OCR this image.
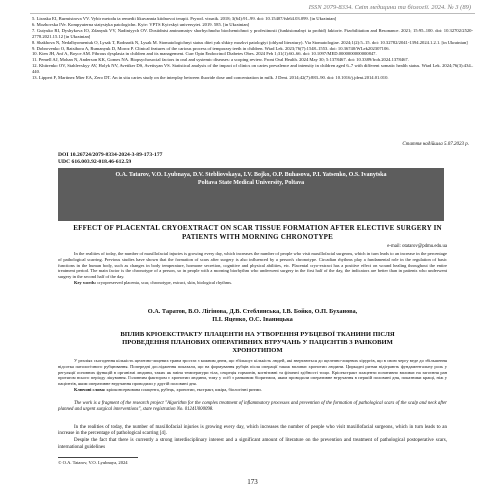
ISSN 2079-8334. Світ медицини та біології. 2024. № 3 (89)

5. Lisnska EI, Burmistrova VV. Vybir metodu ta remedii likuvannia kiidnovoi terapii. Pryrod. vissnik. 2018; 3(64):91–99. doi: 10.15407/fsb64.03.099. [in Ukrainian]

6. Mozhovska IVe. Kompyuterna statystyka patologichn. Kyiv: VPTS Kyivskyi universytet. 2019. 585. [in Ukrainian]

7. Gutyuko RI, Dyshykova IO, Zdanyuk VV, Nadiniyych OV. Dostidnist aminomatyv shorbychnoho biochemichnoi y profesiinosti (funktsionalnyi ta prohid) faktoriv. Fizobilitation and Resonance. 2021; 15:95–100. doi: 10.32702/2520-2778.2021.15.12 [in Ukrainian]

8. Shakhova N, Nedalbyomeniuk O, Lysak T, Bodnarik N, Lysak M. Stomatologichnyi status ditei yak shkiry mozkvi patologiyi (ohlyad literatury). Via Stomatologiae. 2024;1(2):5–15. doi: 10.32782/2041-1394.2024.1.2.1. [in Ukrainian]

9. Dobrovenko O, Ratsibora A, Rumanyuk D, Moroz P. Clinical features of the carious process of temporary teeth in children. Wiad Lek. 2023;76(7):1548–1553. doi: 10.36740/WLek202307106.

10. Kien JH, Anf A, Boyce AM. Fibrous dysplasia in children and its management. Curr Opin Endocrinol Diabetes Obes. 2024 Feb 1;31(1):60–66. doi: 10.1097/MED.0000000000000847.

11. Pemell AJ, Mohan N, Anderson KK, Gomes NA. Biopsychosocial factors in oral and systemic diseases: a scoping review. Front Oral Health. 2024 May 30; 5:1378467. doi: 10.3389/froh.2024.1378467.

12. Khitrenko OV, Stahlevskyy AV, Holyk NV, Avetiker DS, Avetisyan VS. Statistical analysis of the impact of clinics on caries prevalence and intensity in children aged 6–7 with different somatic health status. Wiad Lek. 2024;76(3):434–440.

13. Lippert F, Martinez Mier EA, Zero DT. An in situ caries study on the interplay between fluoride dose and concentration in milk. J Dent. 2014;42(7):883–90. doi: 10.1016/j.jdent.2014.01.010.

Стаття надійшла 5.07.2023 р.

DOI 10.26724/2079-8334-2024-3-89-173-177

UDC 616.003.92-018.46-612.59

O.A. Tatarov, V.O. Lyubnaya, D.V. Stebliovskaya, I.V. Bojko, O.P. Buhasova, P.I. Yatsenko, O.S. Ivanytska

Poltava State Medical University, Poltava

EFFECT OF PLACENTAL CRYOEXTRACT ON SCAR TISSUE FORMATION AFTER ELECTIVE SURGERY IN PATIENTS WITH MORNING CHRONOTYPE
e-mail: otatarov@pdmu.edu.ua

In the realities of today, the number of maxillofacial injuries is growing every day, which increases the number of people who visit maxillofacial surgeons, which in turn leads to an increase in the percentage of pathological scarring. Previous studies have shown that the formation of scars after surgery is also influenced by a person's chronotype. Circadian rhythms play a fundamental role in the regulation of basic functions in the human body, such as changes in body temperature, hormone secretion, cognitive and physical abilities, etc. Placental cryo-extract has a positive effect on wound healing throughout the entire treatment period. The main factor is the chronotype of a person, so in people with a morning biorhythm who underwent surgery in the first half of the day, the indicators are better than in patients who underwent surgery in the second half of the day.

Key words: cryopreserved placenta, scar, chronotype, extract, skin, biological rhythms.

О.А. Таратов, В.О. Лігінова, Д.В. Стеблянська, І.В. Бойко, О.П. Буханова,

П.І. Яценко, О.С. Іваницька

ВПЛИВ КРІОЕКСТРАКТУ ПЛАЦЕНТИ НА УТВОРЕННЯ РУБЦЕВОЇ ТКАНИНИ ПІСЛЯ ПРОВЕДЕННЯ ПЛАНОВИХ ОПЕРАТИВНИХ ВТРУЧАНЬ У ПАЦІЄНТІВ З РАНКОВИМ ХРОНОТИПОМ

У реаліях сьогодення кількість щелепно-лицевих травм зростає з кожним днем, що збільшує кількість людей, які звертаються до щелепно-лицевих хірургів, що в свою чергу веде до збільшення відсотка патологічного рубцювання. Попередні дослідження показали, що на формування рубців після операції також впливає хронотип людини. Циркадні ритми відіграють фундаментальну роль у регуляції основних функцій в організмі людини, таких як зміна температури тіла, секреція гормонів, когнітивні та фізичні здібності тощо. Кріоекстракт плаценти позитивно впливає на загоєння ран протягом всього періоду лікування. Головним фактором є хронотип людини, тому у осіб з ранковим біоритмом, яким проводили оперативне втручання в першій половині дня, показники кращі, ніж у пацієнтів, яким оперативне втручання проводили у другій половині дня.

Ключові слова: кріоконсервована плацента, рубець, хронотип, екстракт, шкіра, біологічні ритми.

The work is a fragment of the research project "Algorithm for the complex treatment of inflammatory processes and prevention of the formation of pathological scars of the scalp and neck after planned and urgent surgical interventions", state registration No. 0124U000098.

In the realities of today, the number of maxillofacial injuries is growing every day, which increases the number of people who visit maxillofacial surgeons, which in turn leads to an increase in the percentage of pathological scarring [4].

Despite the fact that there is currently a strong interdisciplinary interest and a significant amount of literature on the prevention and treatment of pathological postoperative scars, international guidelines

© O.A. Tatarov, V.O. Lyubnaya, 2024

173
